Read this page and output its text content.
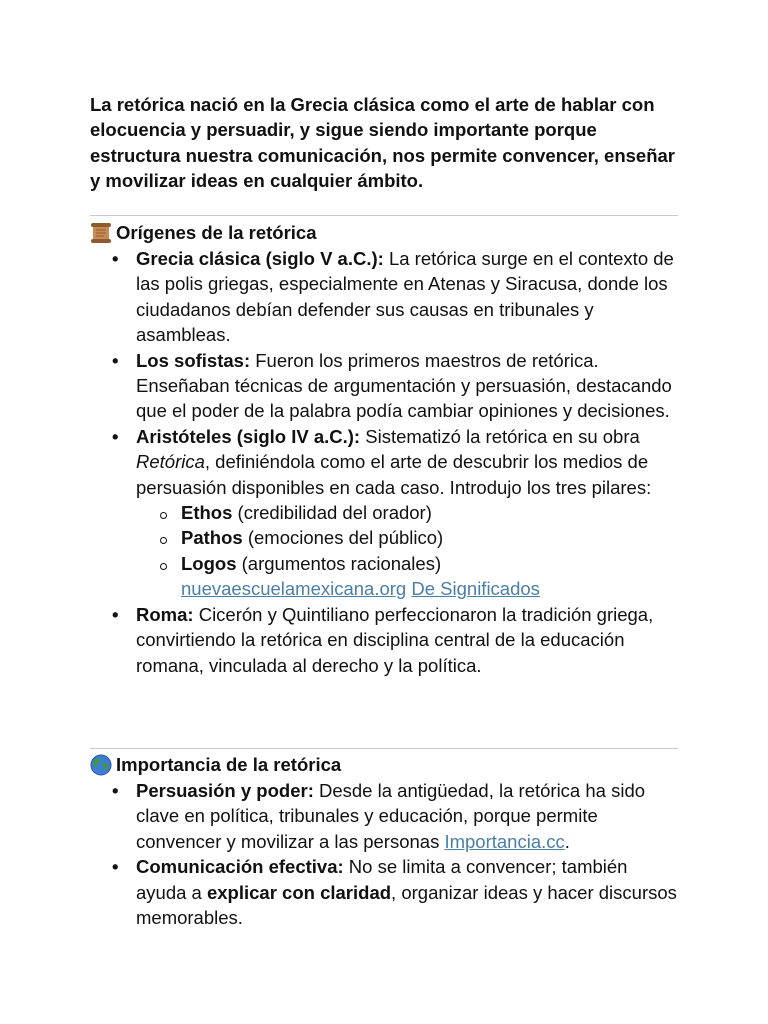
La retórica nació en la Grecia clásica como el arte de hablar con elocuencia y persuadir, y sigue siendo importante porque estructura nuestra comunicación, nos permite convencer, enseñar y movilizar ideas en cualquier ámbito.

Orígenes de la retórica
• Grecia clásica (siglo V a.C.): La retórica surge en el contexto de las polis griegas, especialmente en Atenas y Siracusa, donde los ciudadanos debían defender sus causas en tribunales y asambleas.
• Los sofistas: Fueron los primeros maestros de retórica. Enseñaban técnicas de argumentación y persuasión, destacando que el poder de la palabra podía cambiar opiniones y decisiones.
• Aristóteles (siglo IV a.C.): Sistematizó la retórica en su obra Retórica, definiéndola como el arte de descubrir los medios de persuasión disponibles en cada caso. Introdujo los tres pilares:
Ethos (credibilidad del orador)
Pathos (emociones del público)
Logos (argumentos racionales)
nuevaescuelamexicana.org De Significados
• Roma: Cicerón y Quintiliano perfeccionaron la tradición griega, convirtiendo la retórica en disciplina central de la educación romana, vinculada al derecho y la política.
Importancia de la retórica
• Persuasión y poder: Desde la antigüedad, la retórica ha sido clave en política, tribunales y educación, porque permite convencer y movilizar a las personas Importancia.cc.
• Comunicación efectiva: No se limita a convencer; también ayuda a explicar con claridad, organizar ideas y hacer discursos memorables.
